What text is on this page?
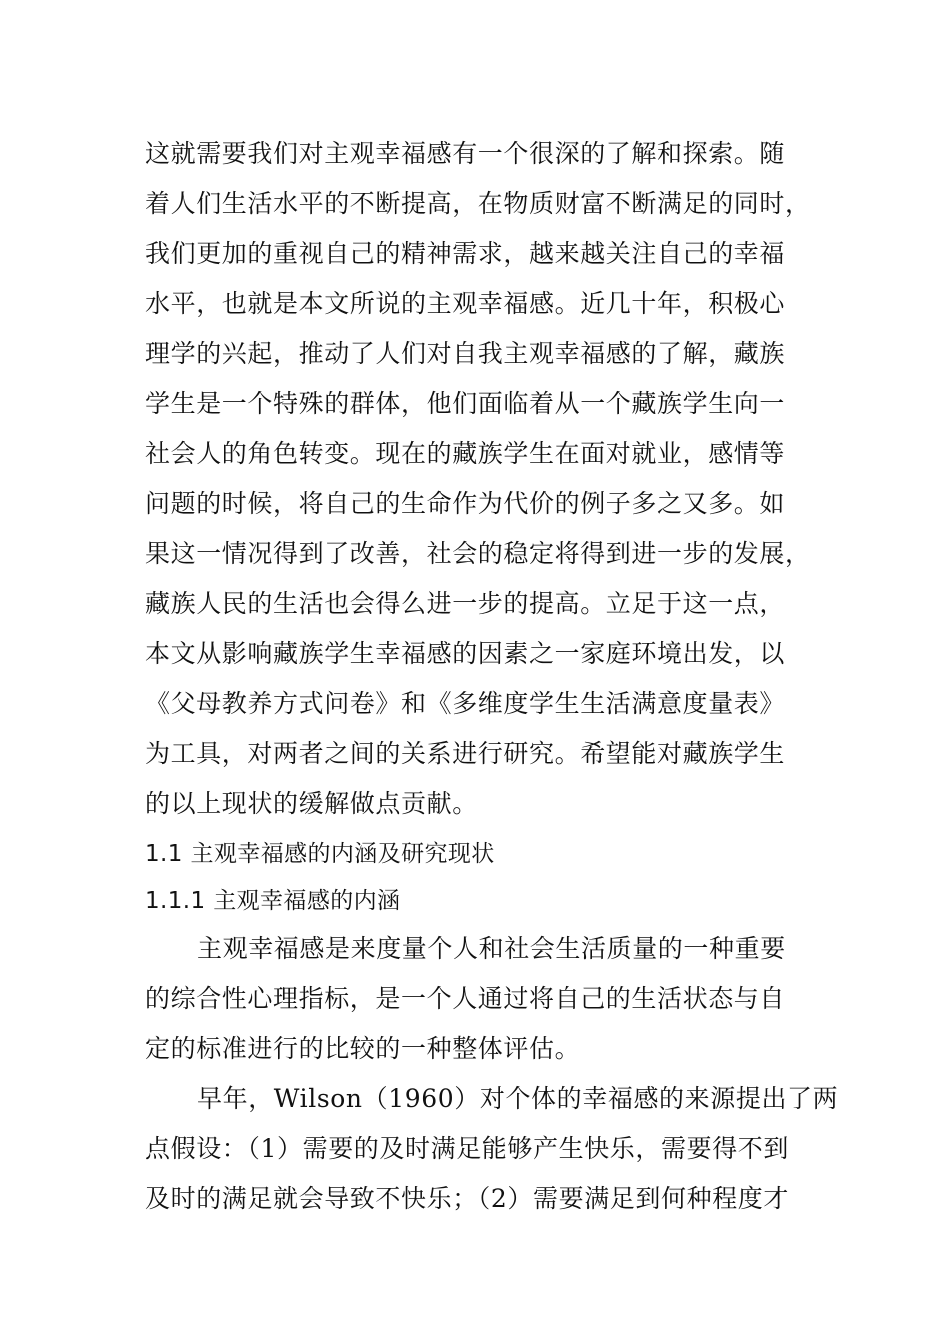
这就需要我们对主观幸福感有一个很深的了解和探索。随
着人们生活水平的不断提高，在物质财富不断满足的同时，
我们更加的重视自己的精神需求，越来越关注自己的幸福
水平，也就是本文所说的主观幸福感。近几十年，积极心
理学的兴起，推动了人们对自我主观幸福感的了解，藏族
学生是一个特殊的群体，他们面临着从一个藏族学生向一
社会人的角色转变。现在的藏族学生在面对就业，感情等
问题的时候，将自己的生命作为代价的例子多之又多。如
果这一情况得到了改善，社会的稳定将得到进一步的发展，
藏族人民的生活也会得么进一步的提高。立足于这一点，
本文从影响藏族学生幸福感的因素之一家庭环境出发，以
《父母教养方式问卷》和《多维度学生生活满意度量表》
为工具，对两者之间的关系进行研究。希望能对藏族学生
的以上现状的缓解做点贡献。
1.1 主观幸福感的内涵及研究现状
1.1.1 主观幸福感的内涵
主观幸福感是来度量个人和社会生活质量的一种重要
的综合性心理指标，是一个人通过将自己的生活状态与自
定的标准进行的比较的一种整体评估。
早年，Wilson（1960）对个体的幸福感的来源提出了两
点假设：（1）需要的及时满足能够产生快乐，需要得不到
及时的满足就会导致不快乐；（2）需要满足到何种程度才
